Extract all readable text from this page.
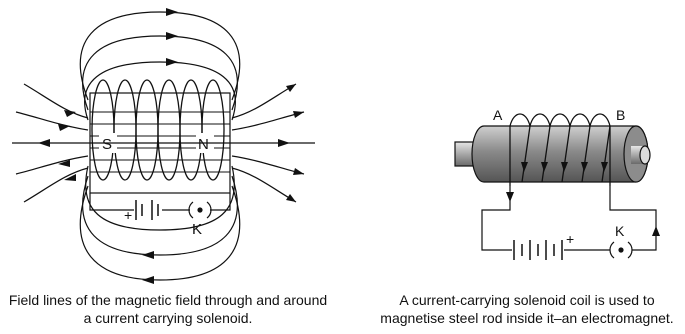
S	N
+
K
A	B
+	K
Field lines of the magnetic field through and around a current carrying solenoid.
A current-carrying solenoid coil is used to magnetise steel rod inside it–an electromagnet.
